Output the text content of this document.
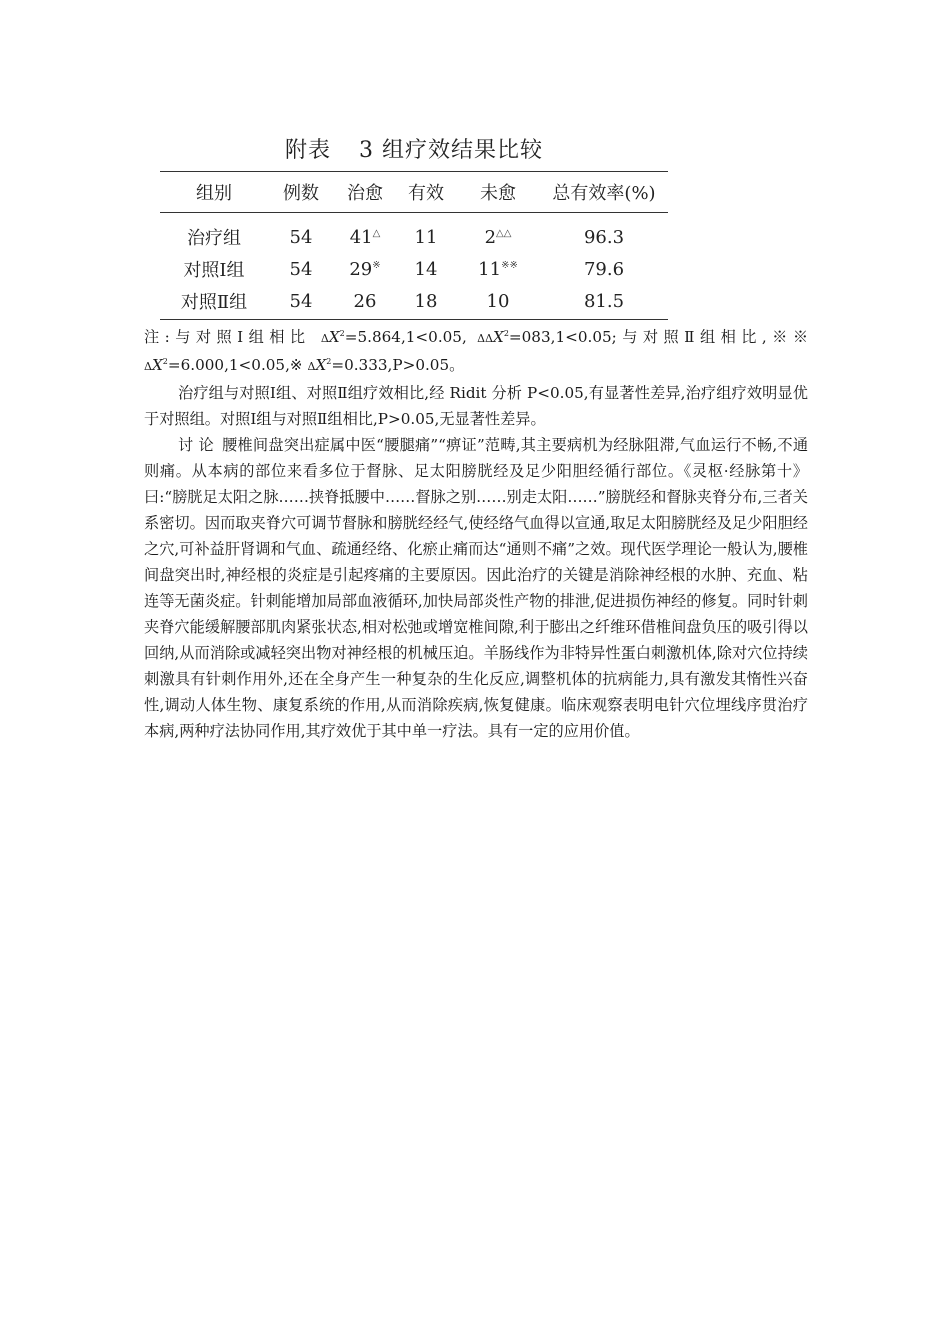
附表 3 组疗效结果比较
组别	例数	治愈	有效	未愈	总有效率(%)
治疗组	54	41△	11	2△△	96.3
对照Ⅰ组	54	29※	14	11※※	79.6
对照Ⅱ组	54	26	18	10	81.5

注:与对照Ⅰ组相比 $\Delta X^2=5.864,1<0.05$, $\Delta\Delta X^2=083,1<0.05$;与对照Ⅱ组相比,※※ $\Delta X^2=6.000,1<0.05,※$ $\Delta X^2=0.333,P>0.05$。

治疗组与对照Ⅰ组、对照Ⅱ组疗效相比,经 Ridit 分析 P<0.05,有显著性差异,治疗组疗效明显优于对照组。对照Ⅰ组与对照Ⅱ组相比,P>0.05,无显著性差异。

讨 论 腰椎间盘突出症属中医“腰腿痛”“痹证”范畴,其主要病机为经脉阻滞,气血运行不畅,不通则痛。从本病的部位来看多位于督脉、足太阳膀胱经及足少阳胆经循行部位。《灵枢·经脉第十》曰:“膀胱足太阳之脉……挟脊抵腰中……督脉之别……别走太阳……”膀胱经和督脉夹脊分布,三者关系密切。因而取夹脊穴可调节督脉和膀胱经经气,使经络气血得以宣通,取足太阳膀胱经及足少阳胆经之穴,可补益肝肾调和气血、疏通经络、化瘀止痛而达“通则不痛”之效。现代医学理论一般认为,腰椎间盘突出时,神经根的炎症是引起疼痛的主要原因。因此治疗的关键是消除神经根的水肿、充血、粘连等无菌炎症。针刺能增加局部血液循环,加快局部炎性产物的排泄,促进损伤神经的修复。同时针刺夹脊穴能缓解腰部肌肉紧张状态,相对松弛或增宽椎间隙,利于膨出之纤维环借椎间盘负压的吸引得以回纳,从而消除或减轻突出物对神经根的机械压迫。羊肠线作为非特异性蛋白刺激机体,除对穴位持续刺激具有针刺作用外,还在全身产生一种复杂的生化反应,调整机体的抗病能力,具有激发其惰性兴奋性,调动人体生物、康复系统的作用,从而消除疾病,恢复健康。临床观察表明电针穴位埋线序贯治疗本病,两种疗法协同作用,其疗效优于其中单一疗法。具有一定的应用价值。
